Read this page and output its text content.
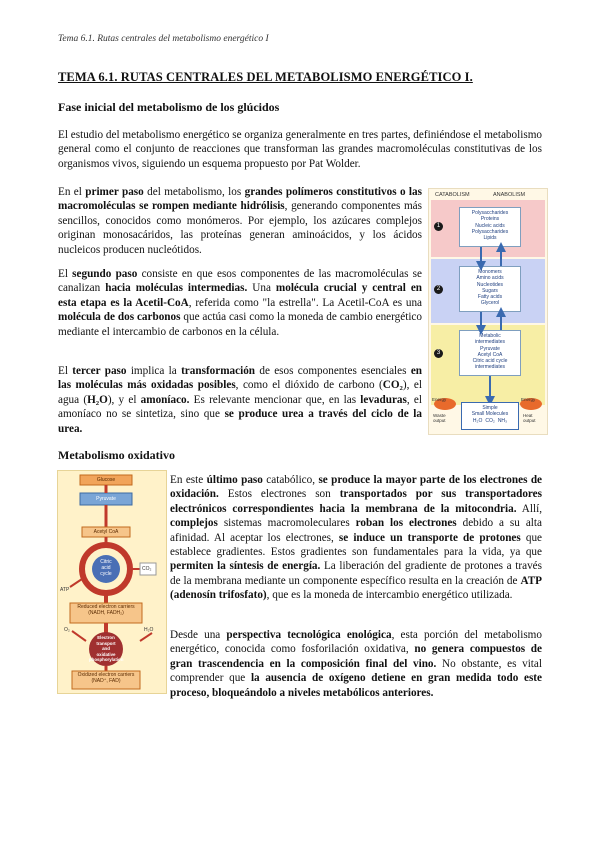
Tema 6.1. Rutas centrales del metabolismo energético I
TEMA 6.1. RUTAS CENTRALES DEL METABOLISMO ENERGÉTICO I.
Fase inicial del metabolismo de los glúcidos
El estudio del metabolismo energético se organiza generalmente en tres partes, definiéndose el metabolismo general como el conjunto de reacciones que transforman las grandes macromoléculas constitutivas de los organismos vivos, siguiendo un esquema propuesto por Pat Wolder.
En el primer paso del metabolismo, los grandes polímeros constitutivos o las macromoléculas se rompen mediante hidrólisis, generando componentes más sencillos, conocidos como monómeros. Por ejemplo, los azúcares complejos originan monosacáridos, las proteínas generan aminoácidos, y los ácidos nucleicos producen nucleótidos.
El segundo paso consiste en que esos componentes de las macromoléculas se canalizan hacia moléculas intermedias. Una molécula crucial y central en esta etapa es la Acetil-CoA, referida como "la estrella". La Acetil-CoA es una molécula de dos carbonos que actúa casi como la moneda de cambio energético mediante el intercambio de carbonos en la célula.
El tercer paso implica la transformación de esos componentes esenciales en las moléculas más oxidadas posibles, como el dióxido de carbono (CO₂), el agua (H₂O), y el amoníaco. Es relevante mencionar que, en las levaduras, el amoníaco no se sintetiza, sino que se produce urea a través del ciclo de la urea.
Metabolismo oxidativo
En este último paso catabólico, se produce la mayor parte de los electrones de oxidación. Estos electrones son transportados por sus transportadores electrónicos correspondientes hacia la membrana de la mitocondria. Allí, complejos sistemas macromoleculares roban los electrones debido a su alta afinidad. Al aceptar los electrones, se induce un transporte de protones que establece gradientes. Estos gradientes son fundamentales para la vida, ya que permiten la síntesis de energía. La liberación del gradiente de protones a través de la membrana mediante un componente específico resulta en la creación de ATP (adenosín trifosfato), que es la moneda de intercambio energético utilizada.
Desde una perspectiva tecnológica enológica, esta porción del metabolismo energético, conocida como fosforilación oxidativa, no genera compuestos de gran trascendencia en la composición final del vino. No obstante, es vital comprender que la ausencia de oxígeno detiene en gran medida todo este proceso, bloqueándolo a niveles metabólicos anteriores.
CATABOLISM	ANABOLISM
1
2
3
Polysaccharides
Proteins
Nucleic acids
Polysaccharides
Lipids
Monomers
Amino acids
Nucleotides
Sugars
Fatty acids
Glycerol
Metabolic
intermediates
Pyruvate
Acetyl CoA
Citric acid cycle
intermediates
Energy	Energy
Waste output
Heat output
Simple
Small Molecules
H₂O CO₂ NH₃
Glucose
Pyruvate
Acetyl CoA
Citric
acid
cycle
CO₂
ATP
Reduced electron carriers (NADH, FADH₂)
O₂	H₂O
Electron
transport
and
oxidative
phosphorylation
Oxidized electron carriers (NAD⁺, FAD)
